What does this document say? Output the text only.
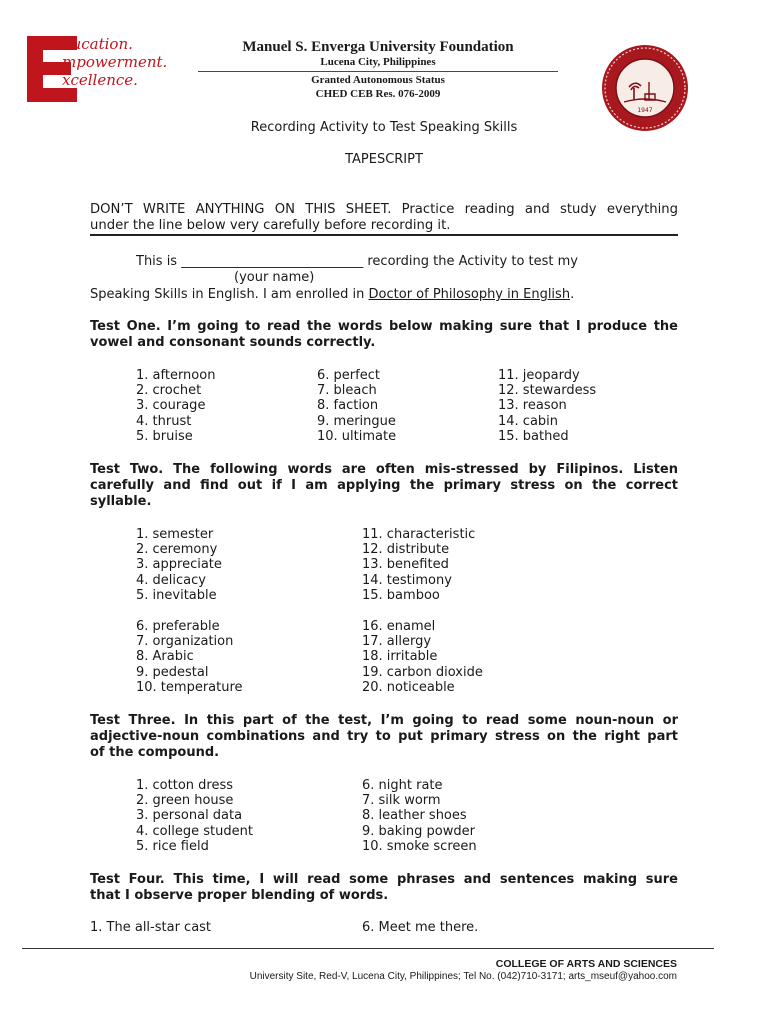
ducation.
mpowerment.
xcellence.
Manuel S. Enverga University Foundation
Lucena City, Philippines
Granted Autonomous Status
CHED CEB Res. 076-2009
1947
Recording Activity to Test Speaking Skills
TAPESCRIPT
DON’T WRITE ANYTHING ON THIS SHEET. Practice reading and study everything
under the line below very carefully before recording it.
This is ____________________________ recording the Activity to test my
(your name)
Speaking Skills in English. I am enrolled in Doctor of Philosophy in English.
Test One. I’m going to read the words below making sure that I produce the
vowel and consonant sounds correctly.
1. afternoon
2. crochet
3. courage
4. thrust
5. bruise
6. perfect
7. bleach
8. faction
9. meringue
10. ultimate
11. jeopardy
12. stewardess
13. reason
14. cabin
15. bathed
Test Two. The following words are often mis-stressed by Filipinos. Listen
carefully and find out if I am applying the primary stress on the correct
syllable.
1. semester
2. ceremony
3. appreciate
4. delicacy
5. inevitable
11. characteristic
12. distribute
13. benefited
14. testimony
15. bamboo
6. preferable
7. organization
8. Arabic
9. pedestal
10. temperature
16. enamel
17. allergy
18. irritable
19. carbon dioxide
20. noticeable
Test Three. In this part of the test, I’m going to read some noun-noun or
adjective-noun combinations and try to put primary stress on the right part
of the compound.
1. cotton dress
2. green house
3. personal data
4. college student
5. rice field
6. night rate
7. silk worm
8. leather shoes
9. baking powder
10. smoke screen
Test Four. This time, I will read some phrases and sentences making sure
that I observe proper blending of words.
1. The all-star cast	6. Meet me there.
COLLEGE OF ARTS AND SCIENCES
University Site, Red-V, Lucena City, Philippines; Tel No. (042)710-3171; arts_mseuf@yahoo.com
